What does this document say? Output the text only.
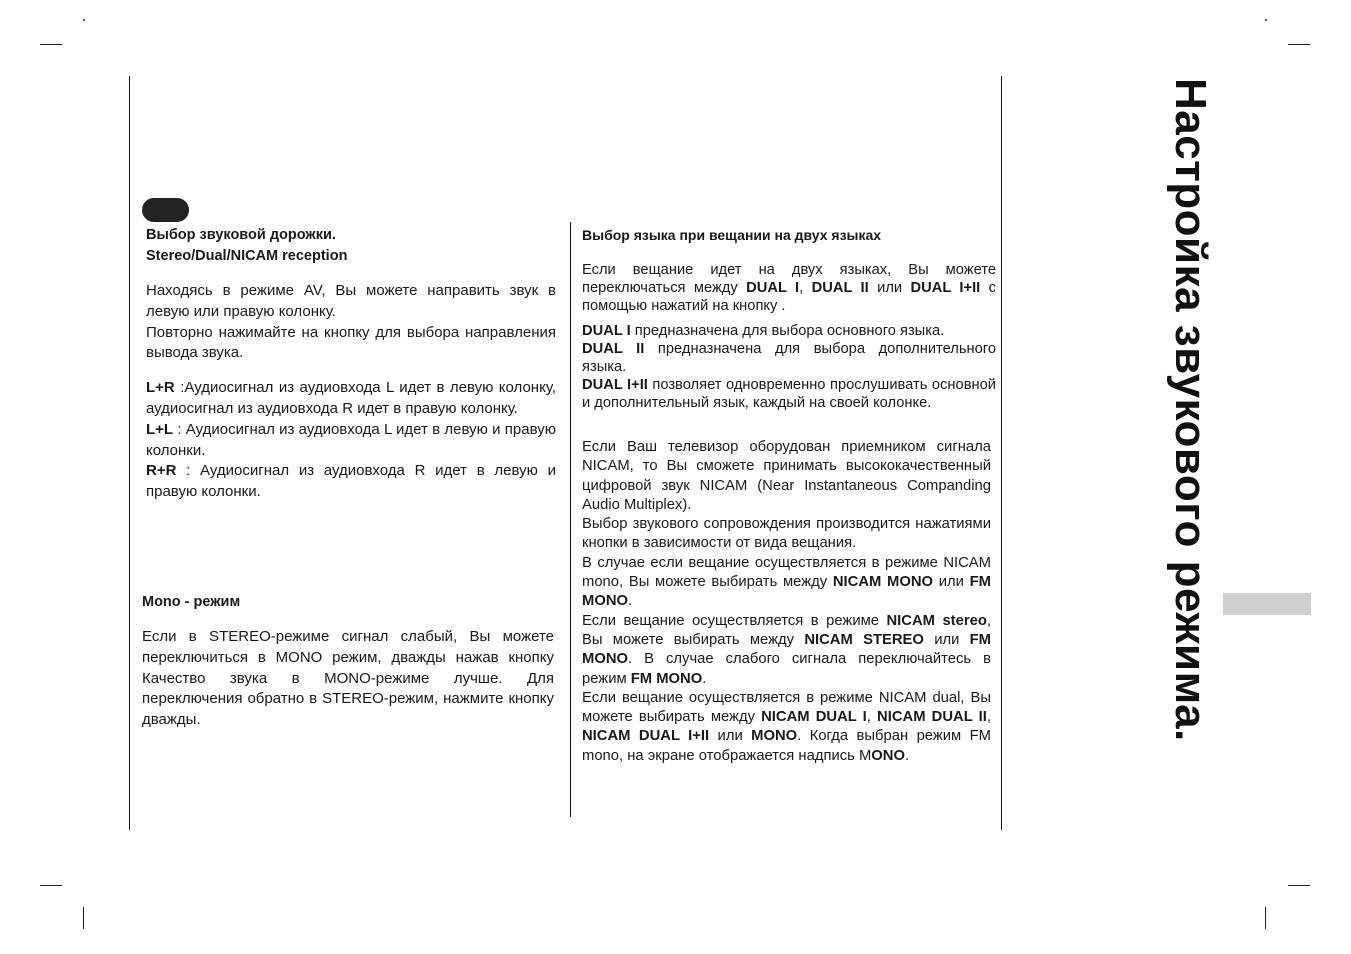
Настройка звукового режима.
Выбор звуковой дорожки.
Stereo/Dual/NICAM reception

Находясь в режиме AV, Вы можете направить звук в левую или правую колонку.

Повторно нажимайте на кнопку для выбора направления вывода звука.

L+R :Аудиосигнал из аудиовхода L идет в левую колонку, аудиосигнал из аудиовхода R идет в правую колонку.

L+L : Аудиосигнал из аудиовхода L идет в левую и правую колонки.

R+R : Аудиосигнал из аудиовхода R идет в левую и правую колонки.

Mono - режим

Если в STEREO-режиме сигнал слабый, Вы можете переключиться в MONO режим, дважды нажав кнопку Качество звука в MONO-режиме лучше. Для переключения обратно в STEREO-режим, нажмите кнопку дважды.

Выбор языка при вещании на двух языках

Если вещание идет на двух языках, Вы можете переключаться между DUAL I, DUAL II или DUAL I+II с помощью нажатий на кнопку .

DUAL I предназначена для выбора основного языка.

DUAL II предназначена для выбора дополнительного языка.

DUAL I+II позволяет одновременно прослушивать основной и дополнительный язык, каждый на своей колонке.

Если Ваш телевизор оборудован приемником сигнала NICAM, то Вы сможете принимать высококачественный цифровой звук NICAM (Near Instantaneous Companding Audio Multiplex).

Выбор звукового сопровождения производится нажатиями кнопки в зависимости от вида вещания.

В случае если вещание осуществляется в режиме NICAM mono, Вы можете выбирать между NICAM MONO или FM MONO.

Если вещание осуществляется в режиме NICAM stereo, Вы можете выбирать между NICAM STEREO или FM MONO. В случае слабого сигнала переключайтесь в режим FM MONO.

Если вещание осуществляется в режиме NICAM dual, Вы можете выбирать между NICAM DUAL I, NICAM DUAL II, NICAM DUAL I+II или MONO. Когда выбран режим FM mono, на экране отображается надпись MONO.
